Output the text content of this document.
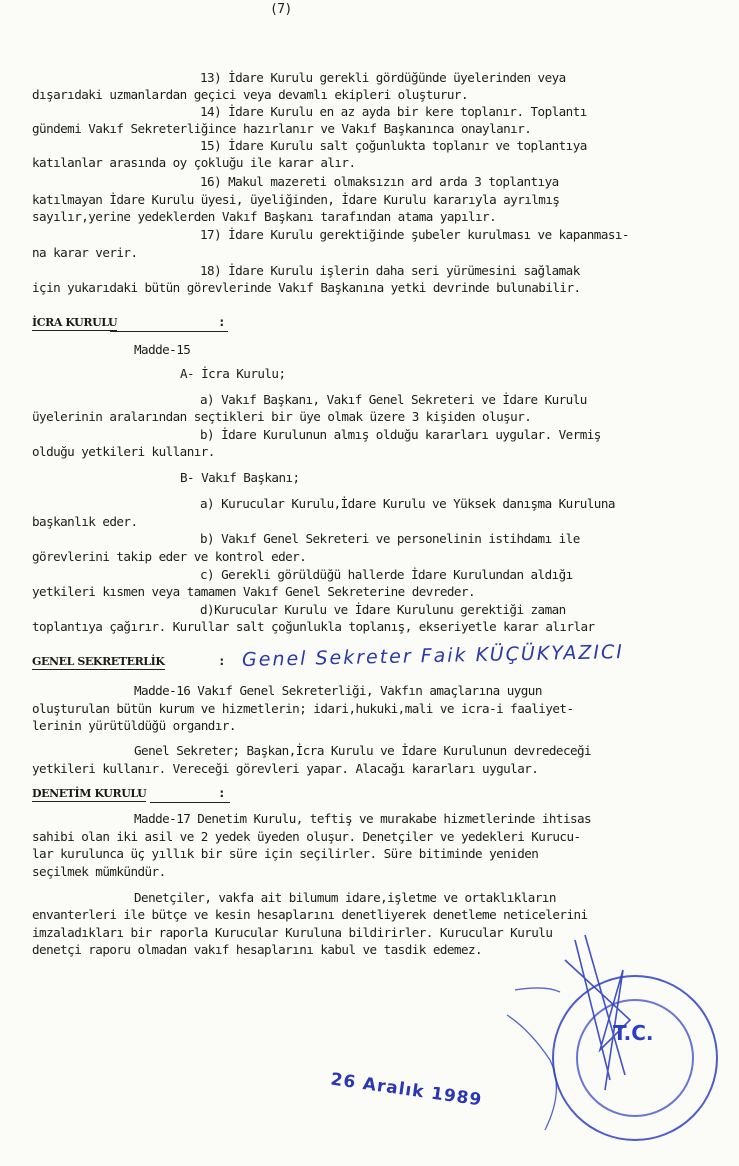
(7)
13) İdare Kurulu gerekli gördüğünde üyelerinden veya
dışarıdaki uzmanlardan geçici veya devamlı ekipleri oluşturur.
14) İdare Kurulu en az ayda bir kere toplanır. Toplantı
gündemi Vakıf Sekreterliğince hazırlanır ve Vakıf Başkanınca onaylanır.
15) İdare Kurulu salt çoğunlukta toplanır ve toplantıya
katılanlar arasında oy çokluğu ile karar alır.
16) Makul mazereti olmaksızın ard arda 3 toplantıya
katılmayan İdare Kurulu üyesi, üyeliğinden, İdare Kurulu kararıyla ayrılmış
sayılır,yerine yedeklerden Vakıf Başkanı tarafından atama yapılır.
17) İdare Kurulu gerektiğinde şubeler kurulması ve kapanması-
na karar verir.
18) İdare Kurulu işlerin daha seri yürümesini sağlamak
için yukarıdaki bütün görevlerinde Vakıf Başkanına yetki devrinde bulunabilir.
İCRA KURULU	:
Madde-15
A- İcra Kurulu;
a) Vakıf Başkanı, Vakıf Genel Sekreteri ve İdare Kurulu
üyelerinin aralarından seçtikleri bir üye olmak üzere 3 kişiden oluşur.
b) İdare Kurulunun almış olduğu kararları uygular. Vermiş
olduğu yetkileri kullanır.
B- Vakıf Başkanı;
a) Kurucular Kurulu,İdare Kurulu ve Yüksek danışma Kuruluna
başkanlık eder.
b) Vakıf Genel Sekreteri ve personelinin istihdamı ile
görevlerini takip eder ve kontrol eder.
c) Gerekli görüldüğü hallerde İdare Kurulundan aldığı
yetkileri kısmen veya tamamen Vakıf Genel Sekreterine devreder.
d)Kurucular Kurulu ve İdare Kurulunu gerektiği zaman
toplantıya çağırır. Kurullar salt çoğunlukla toplanış, ekseriyetle karar alırlar
GENEL SEKRETERLİK	: Genel Sekreter Faik KÜÇÜKYAZICI
Madde-16 Vakıf Genel Sekreterliği, Vakfın amaçlarına uygun
oluşturulan bütün kurum ve hizmetlerin; idari,hukuki,mali ve icra-i faaliyet-
lerinin yürütüldüğü organdır.
Genel Sekreter; Başkan,İcra Kurulu ve İdare Kurulunun devredeceği
yetkileri kullanır. Vereceği görevleri yapar. Alacağı kararları uygular.
DENETİM KURULU	:
Madde-17 Denetim Kurulu, teftiş ve murakabe hizmetlerinde ihtisas
sahibi olan iki asil ve 2 yedek üyeden oluşur. Denetçiler ve yedekleri Kurucu-
lar kurulunca üç yıllık bir süre için seçilirler. Süre bitiminde yeniden
seçilmek mümkündür.
Denetçiler, vakfa ait bilumum idare,işletme ve ortaklıkların
envanterleri ile bütçe ve kesin hesaplarını denetliyerek denetleme neticelerini
imzaladıkları bir raporla Kurucular Kuruluna bildirirler. Kurucular Kurulu
denetçi raporu olmadan vakıf hesaplarını kabul ve tasdik edemez.
T.C.
26 Aralık 1989
